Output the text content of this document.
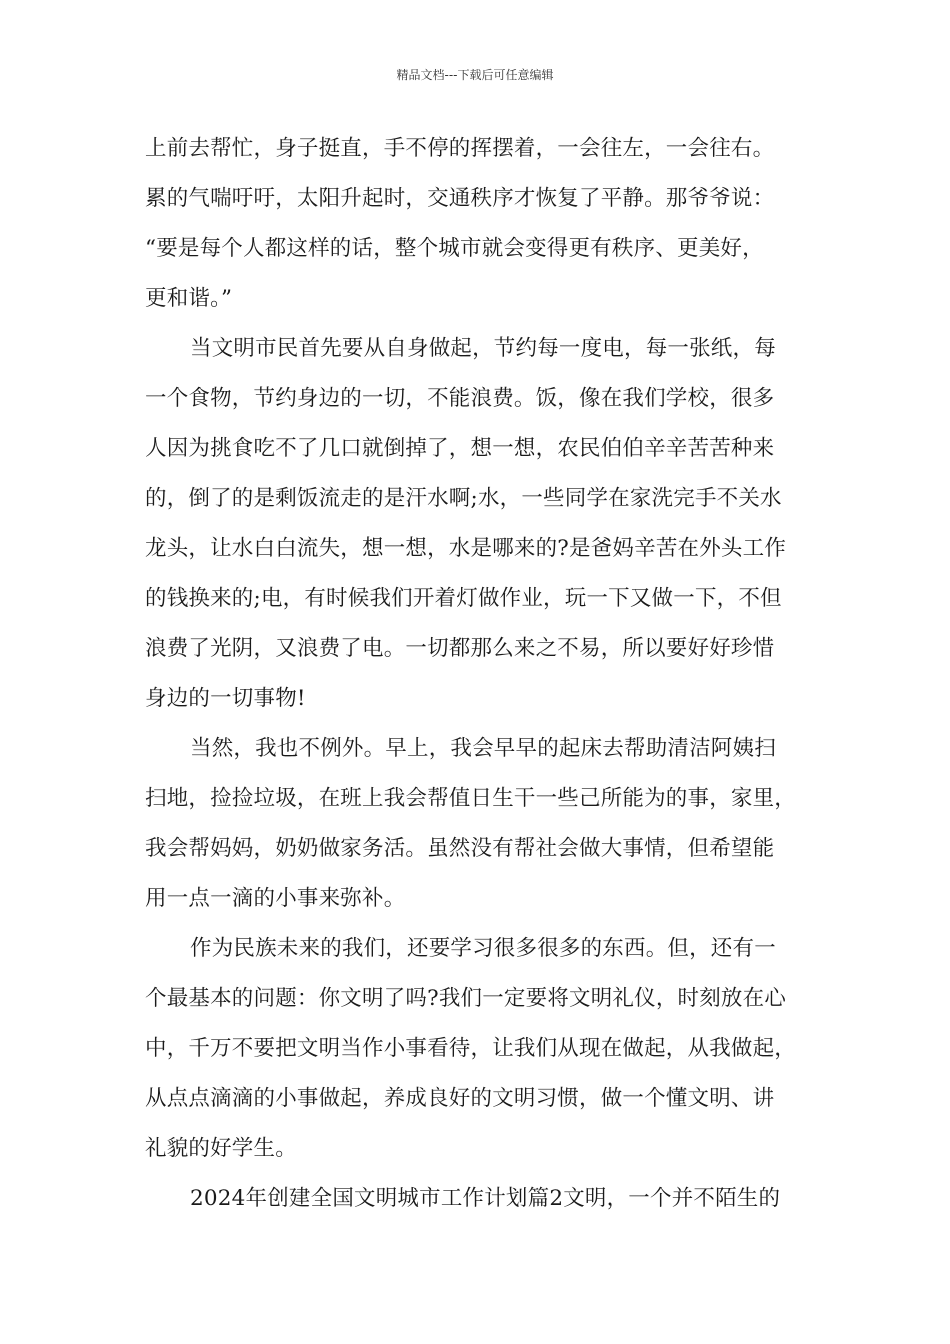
精品文档---下载后可任意编辑
上前去帮忙，身子挺直，手不停的挥摆着，一会往左，一会往右。
累的气喘吁吁，太阳升起时，交通秩序才恢复了平静。那爷爷说：
“要是每个人都这样的话，整个城市就会变得更有秩序、更美好，
更和谐。”
当文明市民首先要从自身做起，节约每一度电，每一张纸，每
一个食物，节约身边的一切，不能浪费。饭，像在我们学校，很多
人因为挑食吃不了几口就倒掉了，想一想，农民伯伯辛辛苦苦种来
的，倒了的是剩饭流走的是汗水啊;水，一些同学在家洗完手不关水
龙头，让水白白流失，想一想，水是哪来的?是爸妈辛苦在外头工作
的钱换来的;电，有时候我们开着灯做作业，玩一下又做一下，不但
浪费了光阴，又浪费了电。一切都那么来之不易，所以要好好珍惜
身边的一切事物!
当然，我也不例外。早上，我会早早的起床去帮助清洁阿姨扫
扫地，捡捡垃圾，在班上我会帮值日生干一些己所能为的事，家里，
我会帮妈妈，奶奶做家务活。虽然没有帮社会做大事情，但希望能
用一点一滴的小事来弥补。
作为民族未来的我们，还要学习很多很多的东西。但，还有一
个最基本的问题：你文明了吗?我们一定要将文明礼仪，时刻放在心
中，千万不要把文明当作小事看待，让我们从现在做起，从我做起，
从点点滴滴的小事做起，养成良好的文明习惯，做一个懂文明、讲
礼貌的好学生。
2024年创建全国文明城市工作计划篇2文明，一个并不陌生的
